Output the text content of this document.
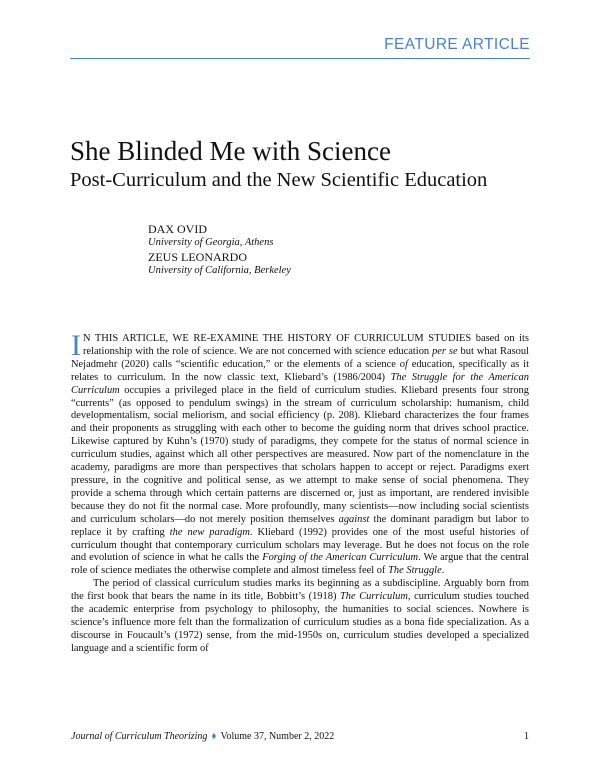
FEATURE ARTICLE
She Blinded Me with Science
Post-Curriculum and the New Scientific Education
DAX OVID
University of Georgia, Athens
ZEUS LEONARDO
University of California, Berkeley

I N THIS ARTICLE, WE RE-EXAMINE THE HISTORY OF CURRICULUM STUDIES based on its relationship with the role of science. We are not concerned with science education per se but what Rasoul Nejadmehr (2020) calls “scientific education,” or the elements of a science of education, specifically as it relates to curriculum. In the now classic text, Kliebard’s (1986/2004) The Struggle for the American Curriculum occupies a privileged place in the field of curriculum studies. Kliebard presents four strong “currents” (as opposed to pendulum swings) in the stream of curriculum scholarship: humanism, child developmentalism, social meliorism, and social efficiency (p. 208). Kliebard characterizes the four frames and their proponents as struggling with each other to become the guiding norm that drives school practice. Likewise captured by Kuhn’s (1970) study of paradigms, they compete for the status of normal science in curriculum studies, against which all other perspectives are measured. Now part of the nomenclature in the academy, paradigms are more than perspectives that scholars happen to accept or reject. Paradigms exert pressure, in the cognitive and political sense, as we attempt to make sense of social phenomena. They provide a schema through which certain patterns are discerned or, just as important, are rendered invisible because they do not fit the normal case. More profoundly, many scientists—now including social scientists and curriculum scholars—do not merely position themselves against the dominant paradigm but labor to replace it by crafting the new paradigm. Kliebard (1992) provides one of the most useful histories of curriculum thought that contemporary curriculum scholars may leverage. But he does not focus on the role and evolution of science in what he calls the Forging of the American Curriculum. We argue that the central role of science mediates the otherwise complete and almost timeless feel of The Struggle.

The period of classical curriculum studies marks its beginning as a subdiscipline. Arguably born from the first book that bears the name in its title, Bobbitt’s (1918) The Curriculum, curriculum studies touched the academic enterprise from psychology to philosophy, the humanities to social sciences. Nowhere is science’s influence more felt than the formalization of curriculum studies as a bona fide specialization. As a discourse in Foucault’s (1972) sense, from the mid-1950s on, curriculum studies developed a specialized language and a scientific form of

Journal of Curriculum Theorizing ♦ Volume 37, Number 2, 2022	1
